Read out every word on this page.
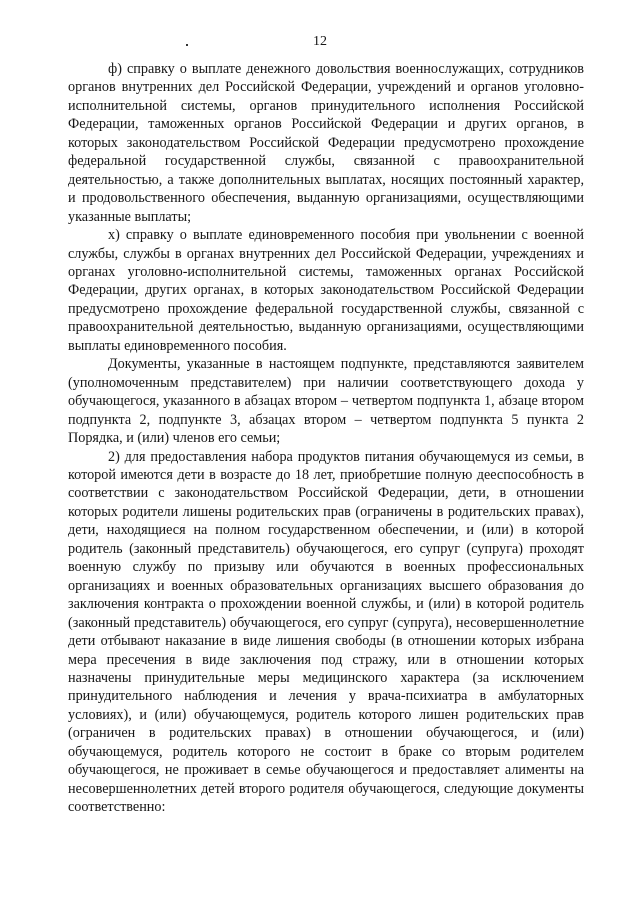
12

ф) справку о выплате денежного довольствия военнослужащих, сотрудников органов внутренних дел Российской Федерации, учреждений и органов уголовно-исполнительной системы, органов принудительного исполнения Российской Федерации, таможенных органов Российской Федерации и других органов, в которых законодательством Российской Федерации предусмотрено прохождение федеральной государственной службы, связанной с правоохранительной деятельностью, а также дополнительных выплатах, носящих постоянный характер, и продовольственного обеспечения, выданную организациями, осуществляющими указанные выплаты;

х) справку о выплате единовременного пособия при увольнении с военной службы, службы в органах внутренних дел Российской Федерации, учреждениях и органах уголовно-исполнительной системы, таможенных органах Российской Федерации, других органах, в которых законодательством Российской Федерации предусмотрено прохождение федеральной государственной службы, связанной с правоохранительной деятельностью, выданную организациями, осуществляющими выплаты единовременного пособия.

Документы, указанные в настоящем подпункте, представляются заявителем (уполномоченным представителем) при наличии соответствующего дохода у обучающегося, указанного в абзацах втором – четвертом подпункта 1, абзаце втором подпункта 2, подпункте 3, абзацах втором – четвертом подпункта 5 пункта 2 Порядка, и (или) членов его семьи;

2) для предоставления набора продуктов питания обучающемуся из семьи, в которой имеются дети в возрасте до 18 лет, приобретшие полную дееспособность в соответствии с законодательством Российской Федерации, дети, в отношении которых родители лишены родительских прав (ограничены в родительских правах), дети, находящиеся на полном государственном обеспечении, и (или) в которой родитель (законный представитель) обучающегося, его супруг (супруга) проходят военную службу по призыву или обучаются в военных профессиональных организациях и военных образовательных организациях высшего образования до заключения контракта о прохождении военной службы, и (или) в которой родитель (законный представитель) обучающегося, его супруг (супруга), несовершеннолетние дети отбывают наказание в виде лишения свободы (в отношении которых избрана мера пресечения в виде заключения под стражу, или в отношении которых назначены принудительные меры медицинского характера (за исключением принудительного наблюдения и лечения у врача-психиатра в амбулаторных условиях), и (или) обучающемуся, родитель которого лишен родительских прав (ограничен в родительских правах) в отношении обучающегося, и (или) обучающемуся, родитель которого не состоит в браке со вторым родителем обучающегося, не проживает в семье обучающегося и предоставляет алименты на несовершеннолетних детей второго родителя обучающегося, следующие документы соответственно:
